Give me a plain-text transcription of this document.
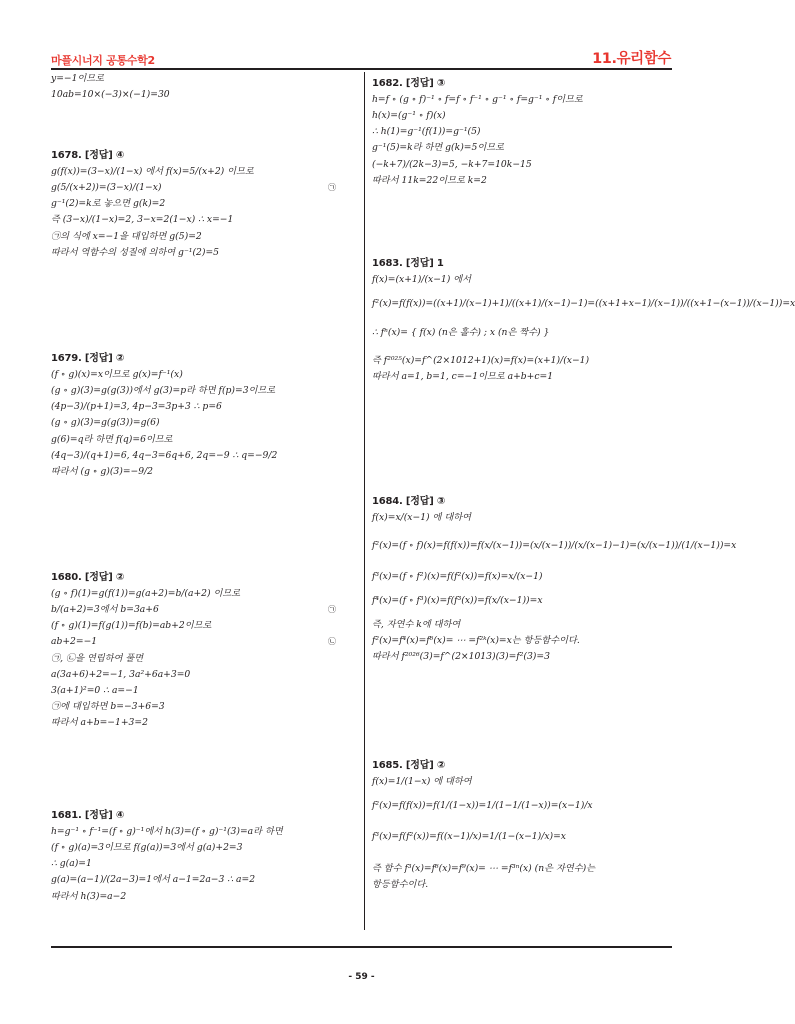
마플시너지 공통수학2	11.유리함수
- 59 -
y=−1이므로
10ab=10×(−3)×(−1)=30
1678. [정답] ④
g(f(x))=(3−x)/(1−x) 에서 f(x)=5/(x+2) 이므로
g(5/(x+2))=(3−x)/(1−x)	㉠
g⁻¹(2)=k로 놓으면 g(k)=2
즉 (3−x)/(1−x)=2, 3−x=2(1−x) ∴ x=−1
㉠의 식에 x=−1을 대입하면 g(5)=2
따라서 역함수의 성질에 의하여 g⁻¹(2)=5
1679. [정답] ②
(f ∘ g)(x)=x이므로 g(x)=f⁻¹(x)
(g ∘ g)(3)=g(g(3))에서 g(3)=p라 하면 f(p)=3이므로
(4p−3)/(p+1)=3, 4p−3=3p+3 ∴ p=6
(g ∘ g)(3)=g(g(3))=g(6)
g(6)=q라 하면 f(q)=6이므로
(4q−3)/(q+1)=6, 4q−3=6q+6, 2q=−9 ∴ q=−9/2
따라서 (g ∘ g)(3)=−9/2
1680. [정답] ②
(g ∘ f)(1)=g(f(1))=g(a+2)=b/(a+2) 이므로
b/(a+2)=3에서 b=3a+6	㉠
(f ∘ g)(1)=f(g(1))=f(b)=ab+2이므로
ab+2=−1	㉡
㉠, ㉡을 연립하여 풀면
a(3a+6)+2=−1, 3a²+6a+3=0
3(a+1)²=0 ∴ a=−1
㉠에 대입하면 b=−3+6=3
따라서 a+b=−1+3=2
1681. [정답] ④
h=g⁻¹ ∘ f⁻¹=(f ∘ g)⁻¹에서 h(3)=(f ∘ g)⁻¹(3)=a라 하면
(f ∘ g)(a)=3이므로 f(g(a))=3에서 g(a)+2=3
∴ g(a)=1
g(a)=(a−1)/(2a−3)=1에서 a−1=2a−3 ∴ a=2
따라서 h(3)=a−2
1682. [정답] ③
h=f ∘ (g ∘ f)⁻¹ ∘ f=f ∘ f⁻¹ ∘ g⁻¹ ∘ f=g⁻¹ ∘ f이므로
h(x)=(g⁻¹ ∘ f)(x)
∴ h(1)=g⁻¹(f(1))=g⁻¹(5)
g⁻¹(5)=k라 하면 g(k)=5이므로
(−k+7)/(2k−3)=5, −k+7=10k−15
따라서 11k=22이므로 k=2
1683. [정답] 1
f(x)=(x+1)/(x−1) 에서
f²(x)=f(f(x))=((x+1)/(x−1)+1)/((x+1)/(x−1)−1)=((x+1+x−1)/(x−1))/((x+1−(x−1))/(x−1))=x
∴ fⁿ(x)= { f(x) (n은 홀수) ; x (n은 짝수) }
즉 f²⁰²⁵(x)=f^(2×1012+1)(x)=f(x)=(x+1)/(x−1)
따라서 a=1, b=1, c=−1이므로 a+b+c=1
1684. [정답] ③
f(x)=x/(x−1) 에 대하여
f²(x)=(f ∘ f)(x)=f(f(x))=f(x/(x−1))=(x/(x−1))/(x/(x−1)−1)=(x/(x−1))/(1/(x−1))=x
f³(x)=(f ∘ f²)(x)=f(f²(x))=f(x)=x/(x−1)
f⁴(x)=(f ∘ f³)(x)=f(f³(x))=f(x/(x−1))=x
즉, 자연수 k에 대하여
f²(x)=f⁴(x)=f⁶(x)= ⋯ =f²ᵏ(x)=x는 항등함수이다.
따라서 f²⁰²⁶(3)=f^(2×1013)(3)=f²(3)=3
1685. [정답] ②
f(x)=1/(1−x) 에 대하여
f²(x)=f(f(x))=f(1/(1−x))=1/(1−1/(1−x))=(x−1)/x
f³(x)=f(f²(x))=f((x−1)/x)=1/(1−(x−1)/x)=x
즉 함수 f³(x)=f⁶(x)=f⁹(x)= ⋯ =f³ⁿ(x) (n은 자연수)는
항등함수이다.
